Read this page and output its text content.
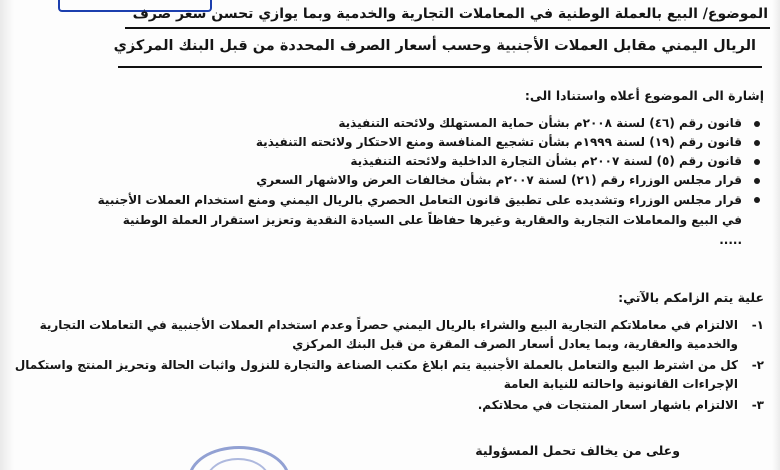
الموضوع/ البيع بالعملة الوطنية في المعاملات التجارية والخدمية وبما يوازي تحسن سعر صرف
الريال اليمني مقابل العملات الأجنبية وحسب أسعار الصرف المحددة من قبل البنك المركزي
إشارة الى الموضوع أعلاه واستنادا الى:
قانون رقم (٤٦) لسنة ٢٠٠٨م بشأن حماية المستهلك ولائحته التنفيذية
قانون رقم (١٩) لسنة ١٩٩٩م بشأن تشجيع المنافسة ومنع الاحتكار ولائحته التنفيذية
قانون رقم (٥) لسنة ٢٠٠٧م بشأن التجارة الداخلية ولائحته التنفيذية
قرار مجلس الوزراء رقم (٢١) لسنة ٢٠٠٧م بشأن مخالفات العرض والاشهار السعري
قرار مجلس الوزراء وتشديده على تطبيق قانون التعامل الحصري بالريال اليمني ومنع استخدام العملات الأجنبية في البيع والمعاملات التجارية والعقارية وغيرها حفاظاً على السيادة النقدية وتعزيز استقرار العملة الوطنية .....
علية يتم الزامكم بالآتي:
١-
الالتزام في معاملاتكم التجارية البيع والشراء بالريال اليمني حصراً وعدم استخدام العملات الأجنبية في التعاملات التجارية والخدمية والعقارية، وبما يعادل أسعار الصرف المقرة من قبل البنك المركزي
٢-
كل من اشترط البيع والتعامل بالعملة الأجنبية يتم ابلاغ مكتب الصناعة والتجارة للنزول واثبات الحالة وتحريز المنتج واستكمال الإجراءات القانونية واحالته للنيابة العامة
٣-
الالتزام باشهار اسعار المنتجات في محلاتكم.
وعلى من يخالف تحمل المسؤولية
